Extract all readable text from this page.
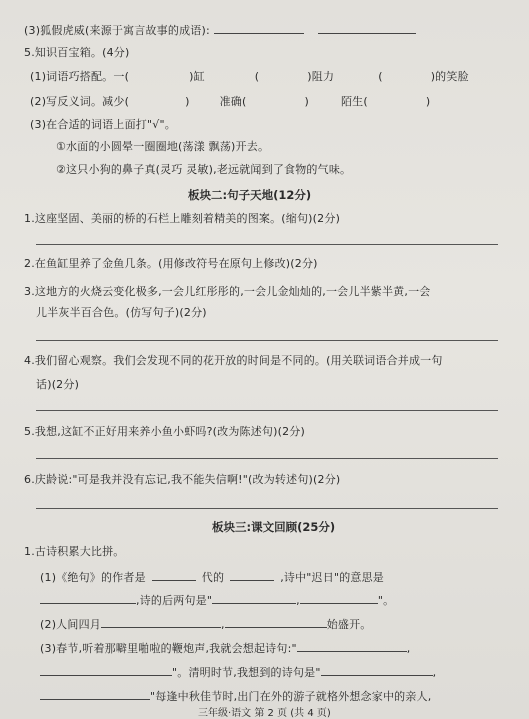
(3)狐假虎威(来源于寓言故事的成语):
5.知识百宝箱。(4分)
(1)词语巧搭配。一(	)缸	(	)阻力	(	)的笑脸
(2)写反义词。减少(	)	准确(	)	陌生(	)
(3)在合适的词语上面打"√"。
①水面的小圆晕一圈圈地(荡漾 飘荡)开去。
②这只小狗的鼻子真(灵巧 灵敏),老远就闻到了食物的气味。
板块二:句子天地(12分)
1.这座坚固、美丽的桥的石栏上雕刻着精美的图案。(缩句)(2分)
2.在鱼缸里养了金鱼几条。(用修改符号在原句上修改)(2分)
3.这地方的火烧云变化极多,一会儿红彤彤的,一会儿金灿灿的,一会儿半紫半黄,一会
儿半灰半百合色。(仿写句子)(2分)
4.我们留心观察。我们会发现不同的花开放的时间是不同的。(用关联词语合并成一句
话)(2分)
5.我想,这缸不正好用来养小鱼小虾吗?(改为陈述句)(2分)
6.庆龄说:"可是我并没有忘记,我不能失信啊!"(改为转述句)(2分)
板块三:课文回顾(25分)
1.古诗积累大比拼。
(1)《绝句》的作者是	代的	,诗中"迟日"的意思是
,诗的后两句是"	,	"。
(2)人间四月	,	始盛开。
(3)春节,听着那噼里啪啦的鞭炮声,我就会想起诗句:"	,
"。清明时节,我想到的诗句是"	,
"每逢中秋佳节时,出门在外的游子就格外想念家中的亲人,
三年级·语文 第 2 页 (共 4 页)
